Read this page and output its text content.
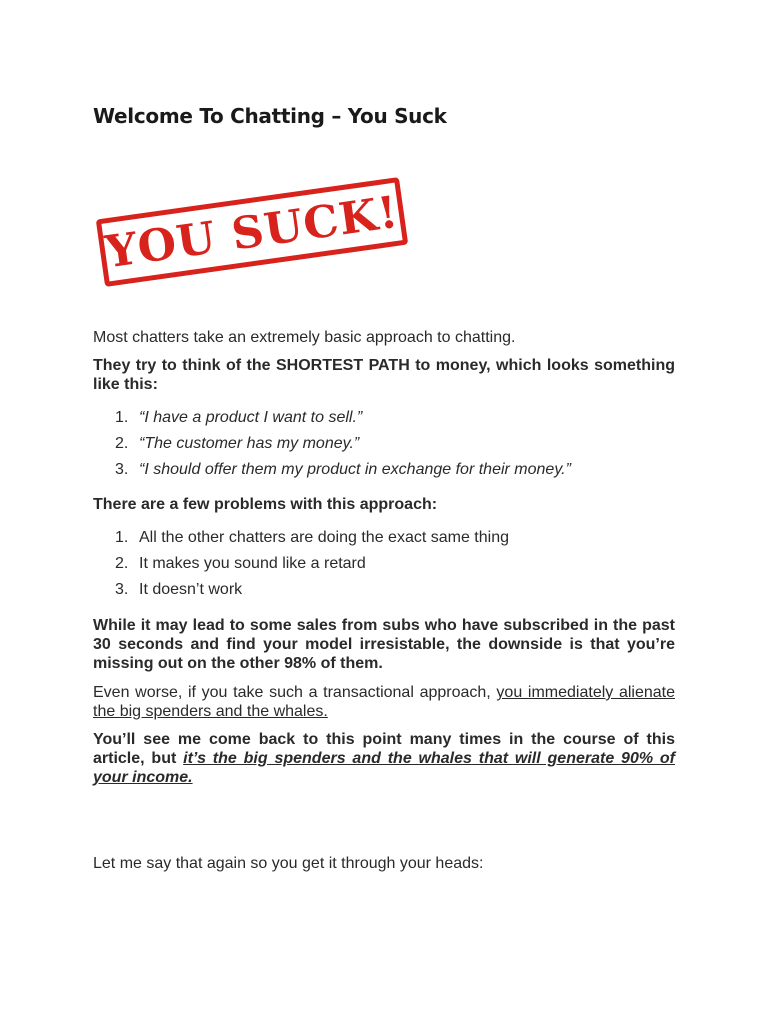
Welcome To Chatting – You Suck
YOU SUCK!

Most chatters take an extremely basic approach to chatting.

They try to think of the SHORTEST PATH to money, which looks something like this:

1. “I have a product I want to sell.”
2. “The customer has my money.”
3. “I should offer them my product in exchange for their money.”

There are a few problems with this approach:

1. All the other chatters are doing the exact same thing
2. It makes you sound like a retard
3. It doesn’t work

While it may lead to some sales from subs who have subscribed in the past 30 seconds and find your model irresistable, the downside is that you’re missing out on the other 98% of them.

Even worse, if you take such a transactional approach, you immediately alienate the big spenders and the whales.

You’ll see me come back to this point many times in the course of this article, but it’s the big spenders and the whales that will generate 90% of your income.

Let me say that again so you get it through your heads:
